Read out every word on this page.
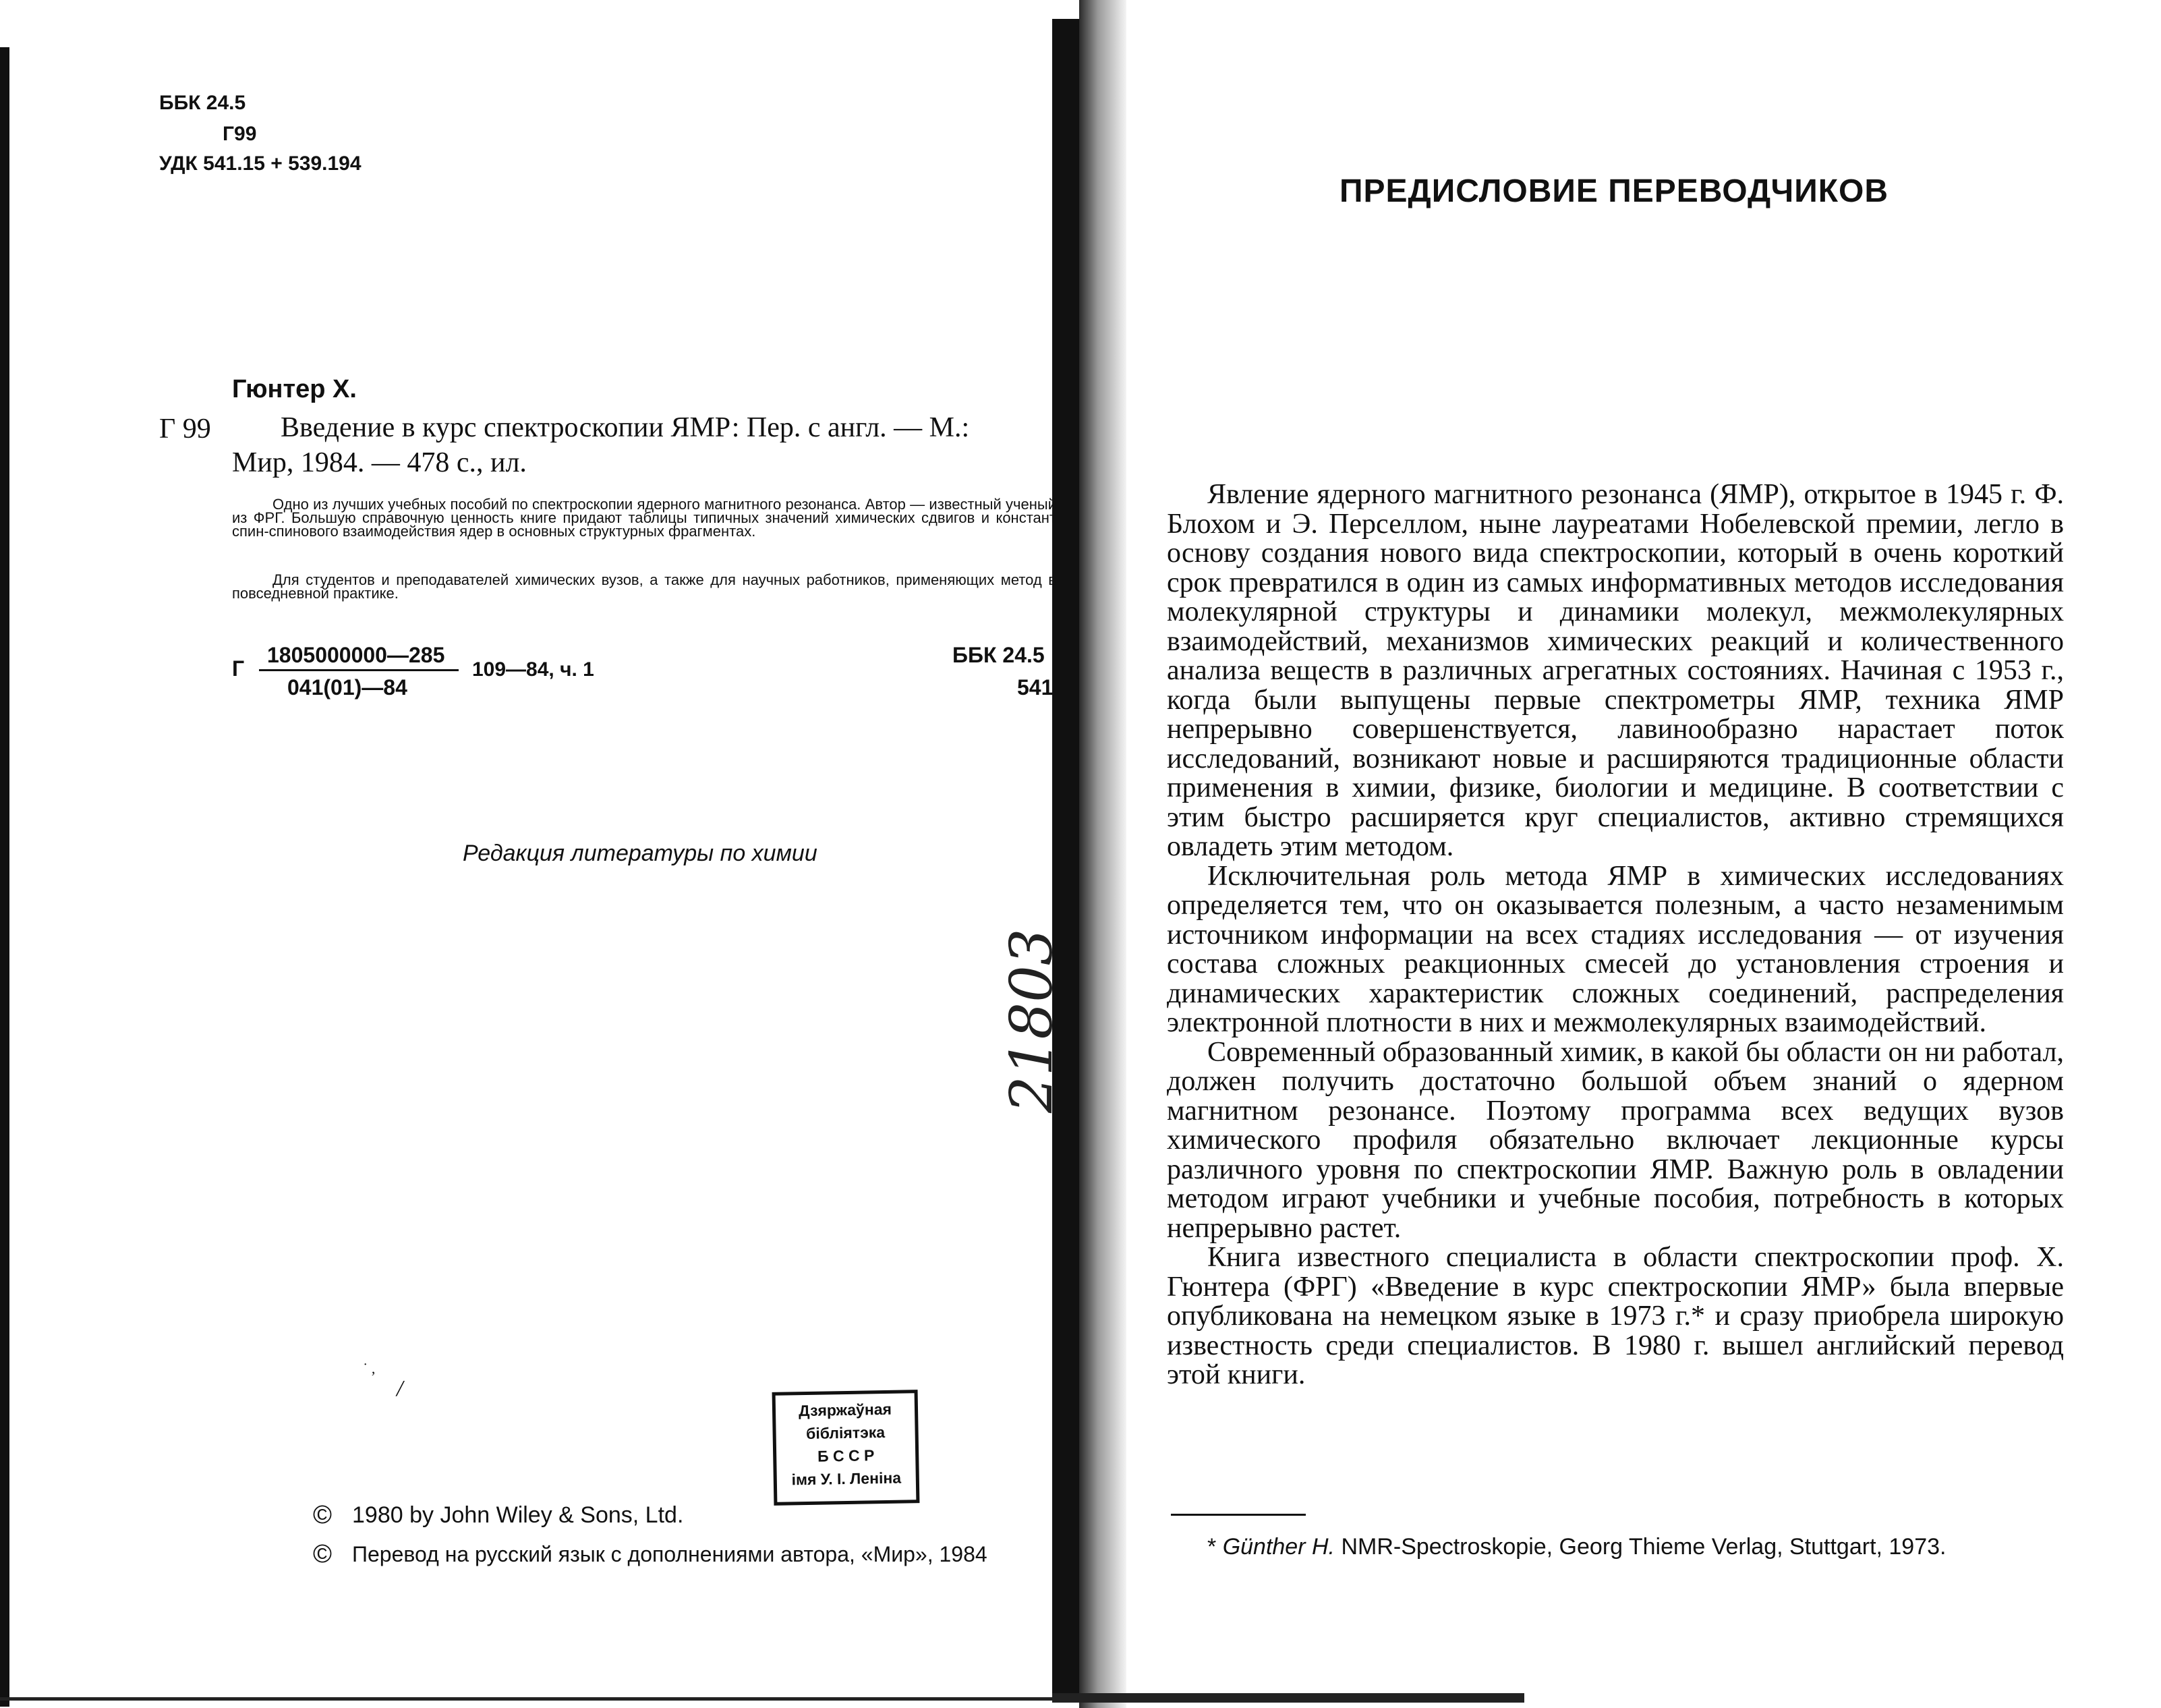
ББК 24.5
Г99
УДК 541.15 + 539.194
Гюнтер Х.
Г 99 Введение в курс спектроскопии ЯМР: Пер. с англ. — М.:
Мир, 1984. — 478 с., ил.
Одно из лучших учебных пособий по спектроскопии ядерного магнитного резонанса. Автор — известный ученый из ФРГ. Большую справочную ценность книге придают таблицы типичных значений химических сдвигов и констант спин-спинового взаимодействия ядер в основных структурных фрагментах.
Для студентов и преподавателей химических вузов, а также для научных работников, применяющих метод в повседневной практике.
Г
1805000000—285
041(01)—84
109—84, ч. 1
ББК 24.5
541
Редакция литературы по химии
21803
˙ ,
/
Дзяржаўная
бібліятэка
Б С С Р
імя У. І. Леніна
© 1980 by John Wiley & Sons, Ltd.
© Перевод на русский язык с дополнениями автора, «Мир», 1984
ПРЕДИСЛОВИЕ ПЕРЕВОДЧИКОВ

Явление ядерного магнитного резонанса (ЯМР), открытое в 1945 г. Ф. Блохом и Э. Перселлом, ныне лауреатами Нобелевской премии, легло в основу создания нового вида спектроскопии, который в очень короткий срок превратился в один из самых информативных методов исследования молекулярной структуры и динамики молекул, межмолекулярных взаимодействий, механизмов химических реакций и количественного анализа веществ в различных агрегатных состояниях. Начиная с 1953 г., когда были выпущены первые спектрометры ЯМР, техника ЯМР непрерывно совершенствуется, лавинообразно нарастает поток исследований, возникают новые и расширяются традиционные области применения в химии, физике, биологии и медицине. В соответствии с этим быстро расширяется круг специалистов, активно стремящихся овладеть этим методом.

Исключительная роль метода ЯМР в химических исследованиях определяется тем, что он оказывается полезным, а часто незаменимым источником информации на всех стадиях исследования — от изучения состава сложных реакционных смесей до установления строения и динамических характеристик сложных соединений, распределения электронной плотности в них и межмолекулярных взаимодействий.

Современный образованный химик, в какой бы области он ни работал, должен получить достаточно большой объем знаний о ядерном магнитном резонансе. Поэтому программа всех ведущих вузов химического профиля обязательно включает лекционные курсы различного уровня по спектроскопии ЯМР. Важную роль в овладении методом играют учебники и учебные пособия, потребность в которых непрерывно растет.

Книга известного специалиста в области спектроскопии проф. Х. Гюнтера (ФРГ) «Введение в курс спектроскопии ЯМР» была впервые опубликована на немецком языке в 1973 г.* и сразу приобрела широкую известность среди специалистов. В 1980 г. вышел английский перевод этой книги.

* Günther H. NMR-Spectroskopie, Georg Thieme Verlag, Stuttgart, 1973.
